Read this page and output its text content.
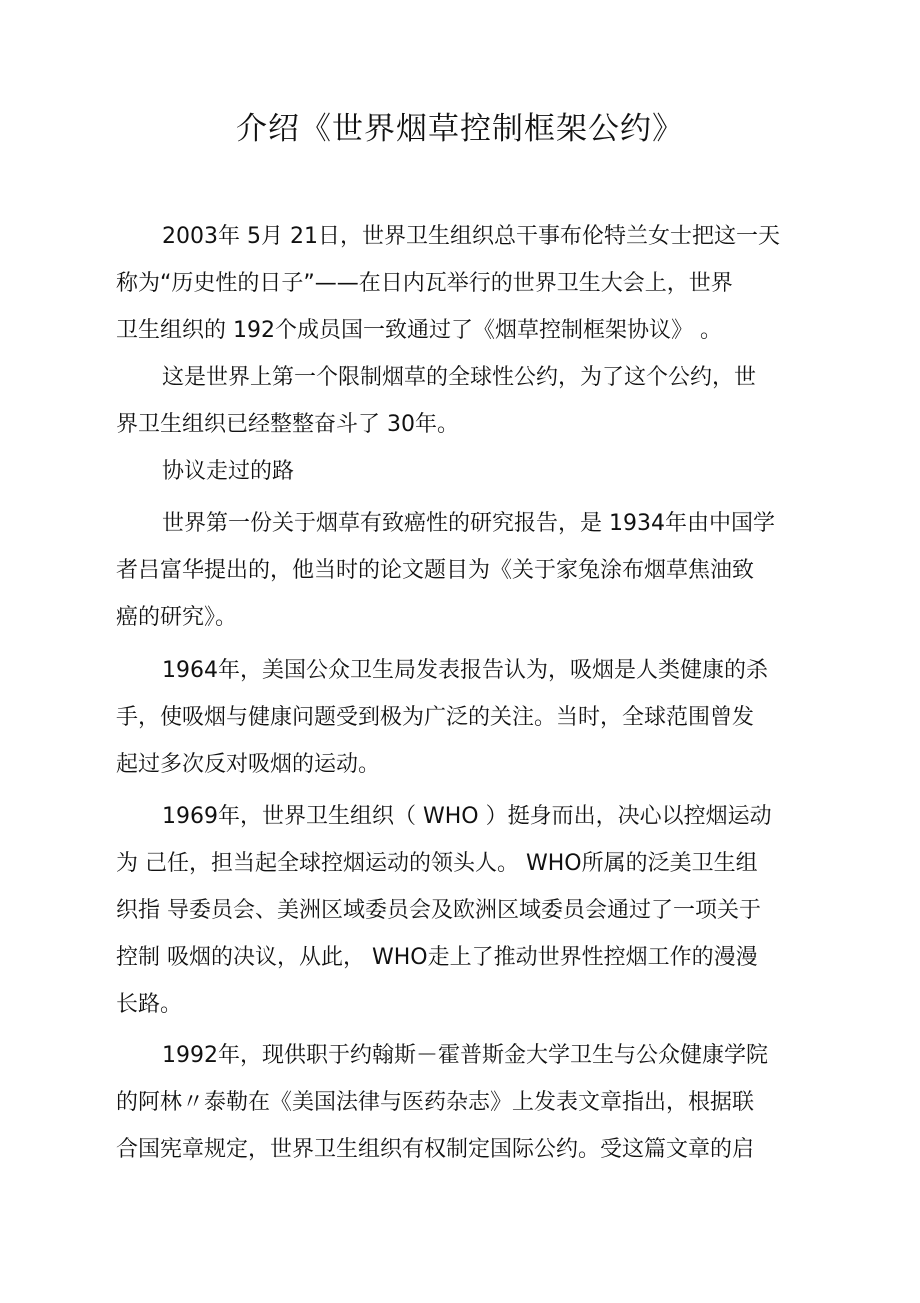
介绍《世界烟草控制框架公约》

2003年 5月 21日，世界卫生组织总干事布伦特兰女士把这一天

称为“历史性的日子”——在日内瓦举行的世界卫生大会上，世界

卫生组织的 192个成员国一致通过了《烟草控制框架协议》 。

这是世界上第一个限制烟草的全球性公约，为了这个公约，世

界卫生组织已经整整奋斗了 30年。

协议走过的路

世界第一份关于烟草有致癌性的研究报告，是 1934年由中国学

者吕富华提出的，他当时的论文题目为《关于家兔涂布烟草焦油致

癌的研究》。

1964年，美国公众卫生局发表报告认为，吸烟是人类健康的杀

手，使吸烟与健康问题受到极为广泛的关注。当时，全球范围曾发

起过多次反对吸烟的运动。

1969年，世界卫生组织（ WHO ）挺身而出，决心以控烟运动

为 己任，担当起全球控烟运动的领头人。 WHO所属的泛美卫生组

织指 导委员会、美洲区域委员会及欧洲区域委员会通过了一项关于

控制 吸烟的决议，从此， WHO走上了推动世界性控烟工作的漫漫

长路。

1992年，现供职于约翰斯－霍普斯金大学卫生与公众健康学院

的阿林〃泰勒在《美国法律与医药杂志》上发表文章指出，根据联

合国宪章规定，世界卫生组织有权制定国际公约。受这篇文章的启
